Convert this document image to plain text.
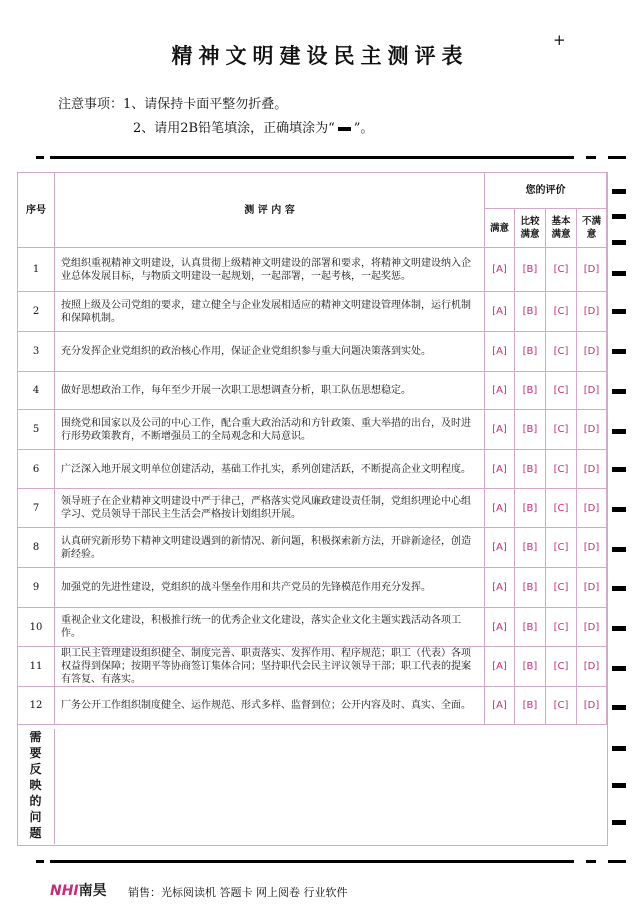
精神文明建设民主测评表
+
注意事项：1、请保持卡面平整勿折叠。
2、请用2B铅笔填涂，正确填涂为“ ”。
序号	测 评 内 容	您的评价			
		满意	比较满意	基本满意	不满意
1	党组织重视精神文明建设，认真贯彻上级精神文明建设的部署和要求，将精神文明建设纳入企业总体发展目标，与物质文明建设一起规划，一起部署，一起考核，一起奖惩。	[A]	[B]	[C]	[D]
2	按照上级及公司党组的要求，建立健全与企业发展相适应的精神文明建设管理体制，运行机制和保障机制。	[A]	[B]	[C]	[D]
3	充分发挥企业党组织的政治核心作用，保证企业党组织参与重大问题决策落到实处。	[A]	[B]	[C]	[D]
4	做好思想政治工作，每年至少开展一次职工思想调查分析，职工队伍思想稳定。	[A]	[B]	[C]	[D]
5	围绕党和国家以及公司的中心工作，配合重大政治活动和方针政策、重大举措的出台，及时进行形势政策教育，不断增强员工的全局观念和大局意识。	[A]	[B]	[C]	[D]
6	广泛深入地开展文明单位创建活动，基础工作扎实，系列创建活跃，不断提高企业文明程度。	[A]	[B]	[C]	[D]
7	领导班子在企业精神文明建设中严于律己，严格落实党风廉政建设责任制，党组织理论中心组学习、党员领导干部民主生活会严格按计划组织开展。	[A]	[B]	[C]	[D]
8	认真研究新形势下精神文明建设遇到的新情况、新问题，积极探索新方法，开辟新途径，创造新经验。	[A]	[B]	[C]	[D]
9	加强党的先进性建设，党组织的战斗堡垒作用和共产党员的先锋模范作用充分发挥。	[A]	[B]	[C]	[D]
10	重视企业文化建设，积极推行统一的优秀企业文化建设，落实企业文化主题实践活动各项工作。	[A]	[B]	[C]	[D]
11	职工民主管理建设组织健全、制度完善、职责落实、发挥作用、程序规范；职工（代表）各项权益得到保障；按期平等协商签订集体合同；坚持职代会民主评议领导干部；职工代表的提案有答复、有落实。	[A]	[B]	[C]	[D]
12	厂务公开工作组织制度健全、运作规范、形式多样、监督到位；公开内容及时、真实、全面。	[A]	[B]	[C]	[D]
需
要
反
映
的
问
题
NHI南昊 销售：光标阅读机 答题卡 网上阅卷 行业软件
